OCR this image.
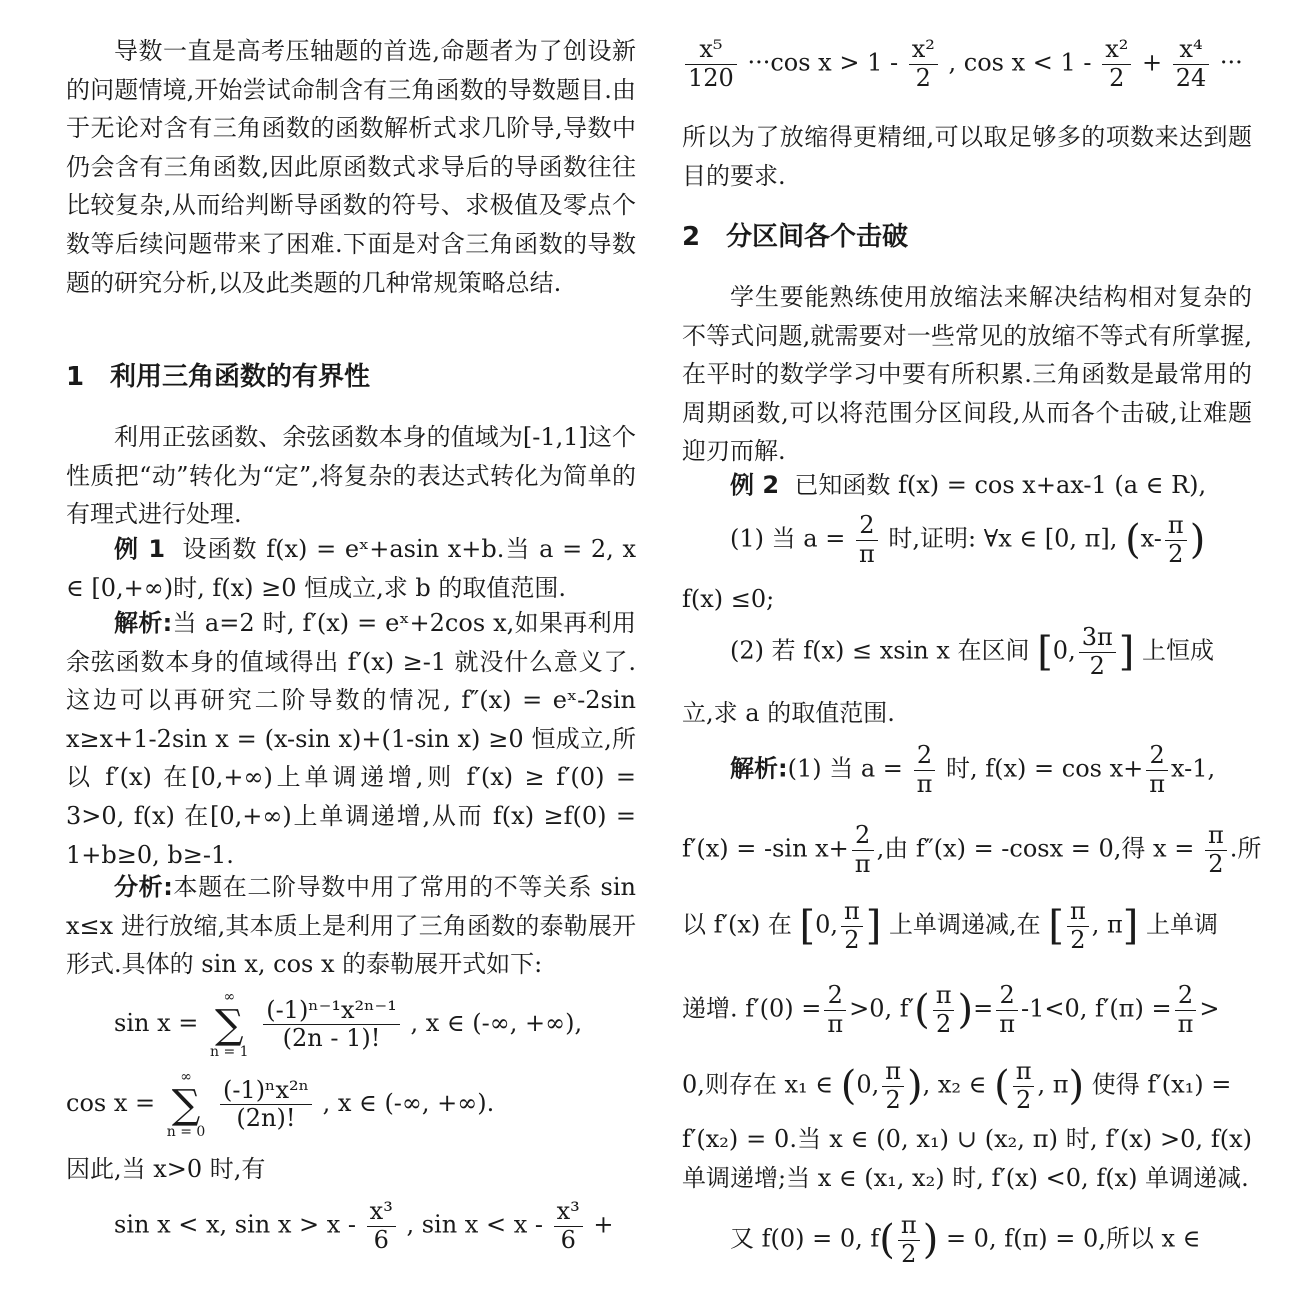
导数一直是高考压轴题的首选,命题者为了创设新的问题情境,开始尝试命制含有三角函数的导数题目.由于无论对含有三角函数的函数解析式求几阶导,导数中仍会含有三角函数,因此原函数式求导后的导函数往往比较复杂,从而给判断导函数的符号、求极值及零点个数等后续问题带来了困难.下面是对含三角函数的导数题的研究分析,以及此类题的几种常规策略总结.

1 利用三角函数的有界性

利用正弦函数、余弦函数本身的值域为[-1,1]这个性质把“动”转化为“定”,将复杂的表达式转化为简单的有理式进行处理.

例 1 设函数 f(x) = eˣ+asin x+b.当 a = 2, x ∈ [0,+∞)时, f(x) ≥0 恒成立,求 b 的取值范围.

解析:当 a=2 时, f′(x) = eˣ+2cos x,如果再利用余弦函数本身的值域得出 f′(x) ≥-1 就没什么意义了.这边可以再研究二阶导数的情况, f″(x) = eˣ-2sin x≥x+1-2sin x = (x-sin x)+(1-sin x) ≥0 恒成立,所以 f′(x) 在[0,+∞)上单调递增,则 f′(x) ≥ f′(0) = 3>0, f(x) 在[0,+∞)上单调递增,从而 f(x) ≥f(0) = 1+b≥0, b≥-1.

分析:本题在二阶导数中用了常用的不等关系 sin x≤x 进行放缩,其本质上是利用了三角函数的泰勒展开形式.具体的 sin x, cos x 的泰勒展开式如下:

sin x =
∞
∑
n = 1
$\frac{\text{(-1)ⁿ⁻¹x²ⁿ⁻¹}}{(2n - 1)!}$ , x ∈ (-∞, +∞),
cos x =
∞
∑
n = 0
$\frac{\text{(-1)ⁿx²ⁿ}}{(2n)!}$ , x ∈ (-∞, +∞).

因此,当 x>0 时,有

sin x < x, $\sin x > x - \frac{\text{x³}}{6}$ , $\sin x < x - \frac{\text{x³}}{6}$ +
$\frac{\text{x⁵}}{120} \cdot\cdot\cdot\cos$ $x > 1 - \frac{\text{x²}}{2}$ , $\cos x < 1 - \frac{\text{x²}}{2} + \frac{\text{x⁴}}{24}$ ···

所以为了放缩得更精细,可以取足够多的项数来达到题目的要求.

2 分区间各个击破

学生要能熟练使用放缩法来解决结构相对复杂的不等式问题,就需要对一些常见的放缩不等式有所掌握,在平时的数学学习中要有所积累.三角函数是最常用的周期函数,可以将范围分区间段,从而各个击破,让难题迎刃而解.

例 2 已知函数 f(x) = cos x+ax-1 (a ∈ R),

(1) 当 $a = \frac{2}{\pi}$ 时,证明: ∀x ∈ [0, π], ($x- \frac{\pi}{2}$ )

f(x) ≤0;

(2) 若 f(x) ≤ xsin x 在区间 [0, $\frac{3\pi}{2}$ ] 上恒成

立,求 a 的取值范围.

解析:(1) 当 $a = \frac{2}{\pi}$ 时, $f(x) = \cos x+ \frac{2}{\pi} x-1$,
f′(x) = -sin $x+ \frac{2}{\pi}$ ,由 f″(x) = -cosx = 0,得 $x = \frac{\pi}{2}$ .所
以 f′(x) 在 [0, $\frac{\pi}{2}$ ] 上单调递减,在 [ $\frac{\pi}{2}$ , π] 上单调
递增. $f'(0) = \frac{2}{\pi} >0$, $f'( \frac{\pi}{2}$ )= $\frac{2}{\pi} -1<0$, $f'(\pi) = \frac{2}{\pi}$ >
0,则存在 x₁ ∈ (0, $\frac{\pi}{2}$ ), x₂ ∈ ( $\frac{\pi}{2}$ , π) 使得 f′(x₁) =

f′(x₂) = 0.当 x ∈ (0, x₁) ∪ (x₂, π) 时, f′(x) >0, f(x) 单调递增;当 x ∈ (x₁, x₂) 时, f′(x) <0, f(x) 单调递减.

又 f(0) = 0, $f( \frac{\pi}{2}$ ) = 0, f(π) = 0,所以 x ∈
